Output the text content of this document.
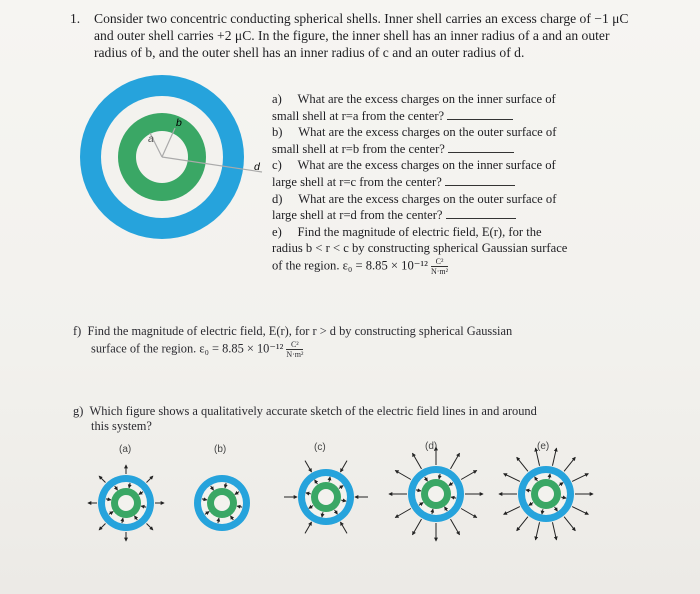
1. Consider two concentric conducting spherical shells. Inner shell carries an excess charge of −1 μC and outer shell carries +2 μC. In the figure, the inner shell has an inner radius of a and an outer radius of b, and the outer shell has an inner radius of c and an outer radius of d.
a
b
d
a) What are the excess charges on the inner surface of
small shell at r=a from the center?
b) What are the excess charges on the outer surface of
small shell at r=b from the center?
c) What are the excess charges on the inner surface of
large shell at r=c from the center?
d) What are the excess charges on the outer surface of
large shell at r=d from the center?
e) Find the magnitude of electric field, E(r), for the
radius b < r < c by constructing spherical Gaussian surface
of the region. $\varepsilon_0 = 8.85 \times 10^{-12} \frac{\text{C²}}{\text{N·m²}}$
f) Find the magnitude of electric field, E(r), for r > d by constructing spherical Gaussian
surface of the region. $\varepsilon_0 = 8.85 \times 10^{-12} \frac{\text{C²}}{\text{N·m²}}$
g) Which figure shows a qualitatively accurate sketch of the electric field lines in and around
this system?
(a)	(b)	(c)	(d)	(e)
